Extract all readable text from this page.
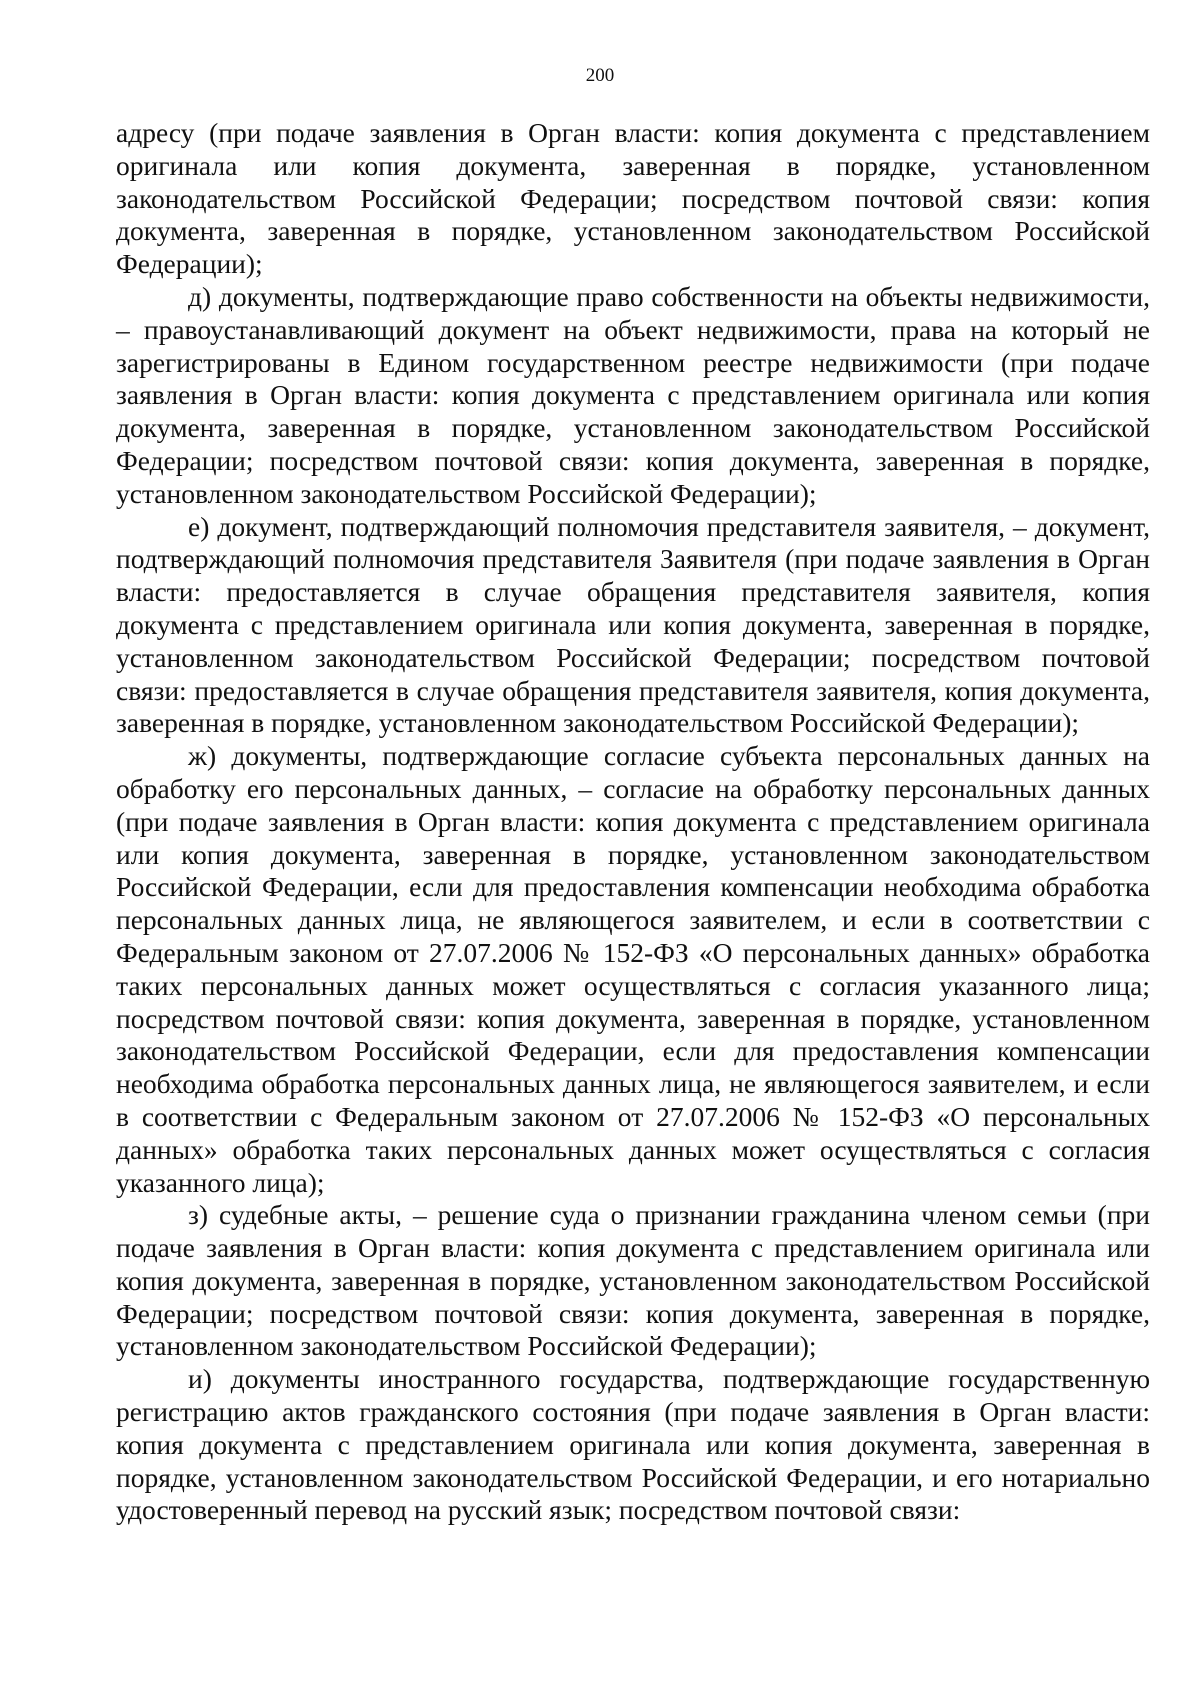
200

адресу (при подаче заявления в Орган власти: копия документа с представлением оригинала или копия документа, заверенная в порядке, установленном законодательством Российской Федерации; посредством почтовой связи: копия документа, заверенная в порядке, установленном законодательством Российской Федерации);

д) документы, подтверждающие право собственности на объекты недвижимости, – правоустанавливающий документ на объект недвижимости, права на который не зарегистрированы в Едином государственном реестре недвижимости (при подаче заявления в Орган власти: копия документа с представлением оригинала или копия документа, заверенная в порядке, установленном законодательством Российской Федерации; посредством почтовой связи: копия документа, заверенная в порядке, установленном законодательством Российской Федерации);

е) документ, подтверждающий полномочия представителя заявителя, – документ, подтверждающий полномочия представителя Заявителя (при подаче заявления в Орган власти: предоставляется в случае обращения представителя заявителя, копия документа с представлением оригинала или копия документа, заверенная в порядке, установленном законодательством Российской Федерации; посредством почтовой связи: предоставляется в случае обращения представителя заявителя, копия документа, заверенная в порядке, установленном законодательством Российской Федерации);

ж) документы, подтверждающие согласие субъекта персональных данных на обработку его персональных данных, – согласие на обработку персональных данных (при подаче заявления в Орган власти: копия документа с представлением оригинала или копия документа, заверенная в порядке, установленном законодательством Российской Федерации, если для предоставления компенсации необходима обработка персональных данных лица, не являющегося заявителем, и если в соответствии с Федеральным законом от 27.07.2006 № 152-ФЗ «О персональных данных» обработка таких персональных данных может осуществляться с согласия указанного лица; посредством почтовой связи: копия документа, заверенная в порядке, установленном законодательством Российской Федерации, если для предоставления компенсации необходима обработка персональных данных лица, не являющегося заявителем, и если в соответствии с Федеральным законом от 27.07.2006 № 152-ФЗ «О персональных данных» обработка таких персональных данных может осуществляться с согласия указанного лица);

з) судебные акты, – решение суда о признании гражданина членом семьи (при подаче заявления в Орган власти: копия документа с представлением оригинала или копия документа, заверенная в порядке, установленном законодательством Российской Федерации; посредством почтовой связи: копия документа, заверенная в порядке, установленном законодательством Российской Федерации);

и) документы иностранного государства, подтверждающие государственную регистрацию актов гражданского состояния (при подаче заявления в Орган власти: копия документа с представлением оригинала или копия документа, заверенная в порядке, установленном законодательством Российской Федерации, и его нотариально удостоверенный перевод на русский язык; посредством почтовой связи:
